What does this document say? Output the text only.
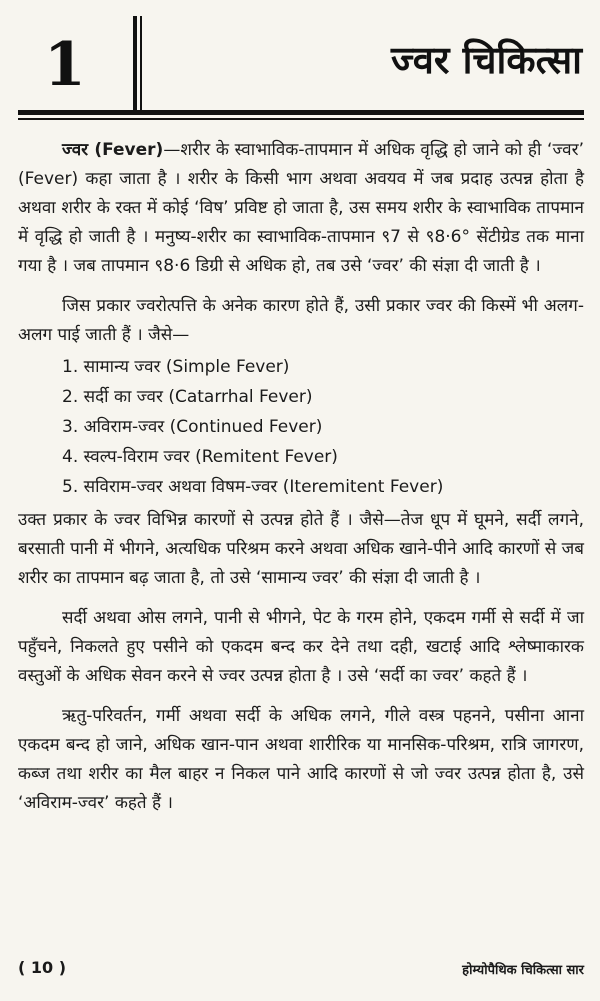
1	ज्वर चिकित्सा

ज्वर (Fever)—शरीर के स्वाभाविक-तापमान में अधिक वृद्धि हो जाने को ही ‘ज्वर’ (Fever) कहा जाता है । शरीर के किसी भाग अथवा अवयव में जब प्रदाह उत्पन्न होता है अथवा शरीर के रक्त में कोई ‘विष’ प्रविष्ट हो जाता है, उस समय शरीर के स्वाभाविक तापमान में वृद्धि हो जाती है । मनुष्य-शरीर का स्वाभाविक-तापमान ९7 से ९8·6° सेंटीग्रेड तक माना गया है । जब तापमान ९8·6 डिग्री से अधिक हो, तब उसे ‘ज्वर’ की संज्ञा दी जाती है ।

जिस प्रकार ज्वरोत्पत्ति के अनेक कारण होते हैं, उसी प्रकार ज्वर की किस्में भी अलग-अलग पाई जाती हैं । जैसे—

1. सामान्य ज्वर (Simple Fever)
2. सर्दी का ज्वर (Catarrhal Fever)
3. अविराम-ज्वर (Continued Fever)
4. स्वल्प-विराम ज्वर (Remitent Fever)
5. सविराम-ज्वर अथवा विषम-ज्वर (Iteremitent Fever)

उक्त प्रकार के ज्वर विभिन्न कारणों से उत्पन्न होते हैं । जैसे—तेज धूप में घूमने, सर्दी लगने, बरसाती पानी में भीगने, अत्यधिक परिश्रम करने अथवा अधिक खाने-पीने आदि कारणों से जब शरीर का तापमान बढ़ जाता है, तो उसे ‘सामान्य ज्वर’ की संज्ञा दी जाती है ।

सर्दी अथवा ओस लगने, पानी से भीगने, पेट के गरम होने, एकदम गर्मी से सर्दी में जा पहुँचने, निकलते हुए पसीने को एकदम बन्द कर देने तथा दही, खटाई आदि श्लेष्माकारक वस्तुओं के अधिक सेवन करने से ज्वर उत्पन्न होता है । उसे ‘सर्दी का ज्वर’ कहते हैं ।

ऋतु-परिवर्तन, गर्मी अथवा सर्दी के अधिक लगने, गीले वस्त्र पहनने, पसीना आना एकदम बन्द हो जाने, अधिक खान-पान अथवा शारीरिक या मानसिक-परिश्रम, रात्रि जागरण, कब्ज तथा शरीर का मैल बाहर न निकल पाने आदि कारणों से जो ज्वर उत्पन्न होता है, उसे ‘अविराम-ज्वर’ कहते हैं ।

( 10 )	होम्योपैथिक चिकित्सा सार
